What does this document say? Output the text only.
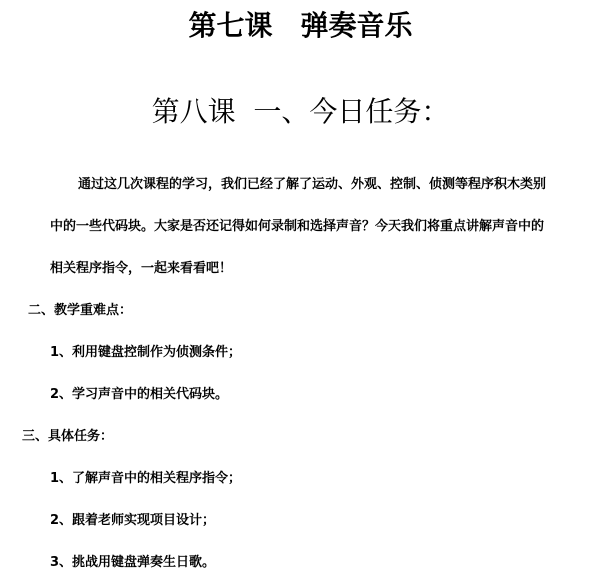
第七课　弹奏音乐
第八课  一、今日任务：
通过这几次课程的学习，我们已经了解了运动、外观、控制、侦测等程序积木类别
中的一些代码块。大家是否还记得如何录制和选择声音？今天我们将重点讲解声音中的
相关程序指令，一起来看看吧！
二、教学重难点：
1、利用键盘控制作为侦测条件；
2、学习声音中的相关代码块。
三、具体任务：
1、了解声音中的相关程序指令；
2、跟着老师实现项目设计；
3、挑战用键盘弹奏生日歌。
